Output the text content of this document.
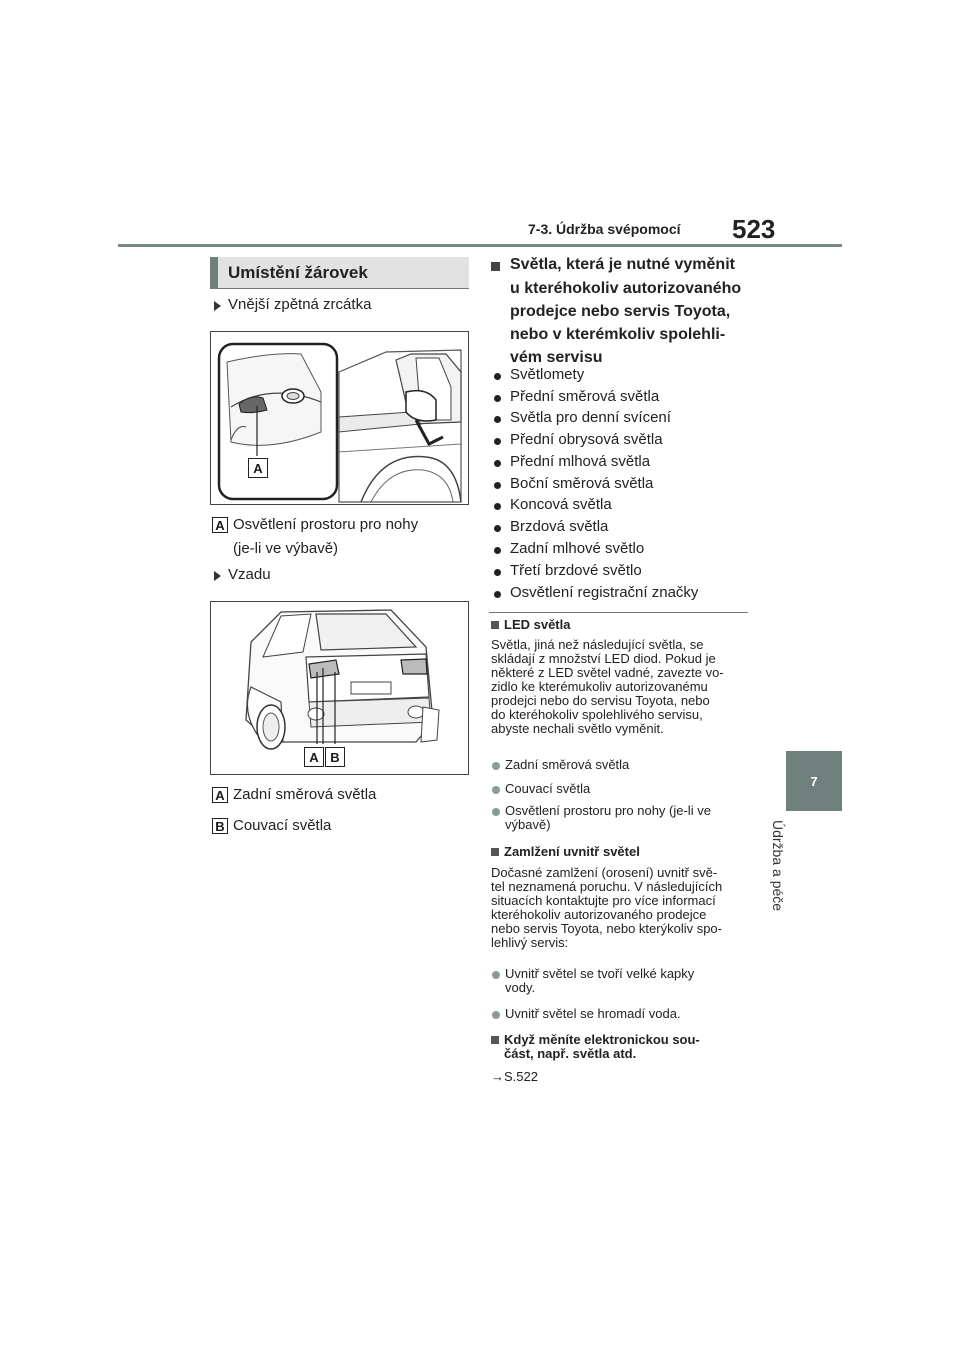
7-3. Údržba svépomocí 523
7
Údržba a péče
Umístění žárovek
Vnější zpětná zrcátka
A
A Osvětlení prostoru pro nohy
(je-li ve výbavě)
Vzadu
A B
A Zadní směrová světla
B Couvací světla
Světla, která je nutné vyměnit
u kteréhokoliv autorizovaného
prodejce nebo servis Toyota,
nebo v kterémkoliv spolehli-
vém servisu
Světlomety
Přední směrová světla
Světla pro denní svícení
Přední obrysová světla
Přední mlhová světla
Boční směrová světla
Koncová světla
Brzdová světla
Zadní mlhové světlo
Třetí brzdové světlo
Osvětlení registrační značky
LED světla
Světla, jiná než následující světla, se
skládají z množství LED diod. Pokud je
některé z LED světel vadné, zavezte vo-
zidlo ke kterémukoliv autorizovanému
prodejci nebo do servisu Toyota, nebo
do kteréhokoliv spolehlivého servisu,
abyste nechali světlo vyměnit.
Zadní směrová světla
Couvací světla
Osvětlení prostoru pro nohy (je-li ve
výbavě)
Zamlžení uvnitř světel
Dočasné zamlžení (orosení) uvnitř svě-
tel neznamená poruchu. V následujících
situacích kontaktujte pro více informací
kteréhokoliv autorizovaného prodejce
nebo servis Toyota, nebo kterýkoliv spo-
lehlivý servis:
Uvnitř světel se tvoří velké kapky
vody.
Uvnitř světel se hromadí voda.
Když měníte elektronickou sou-
část, např. světla atd.
→S.522
